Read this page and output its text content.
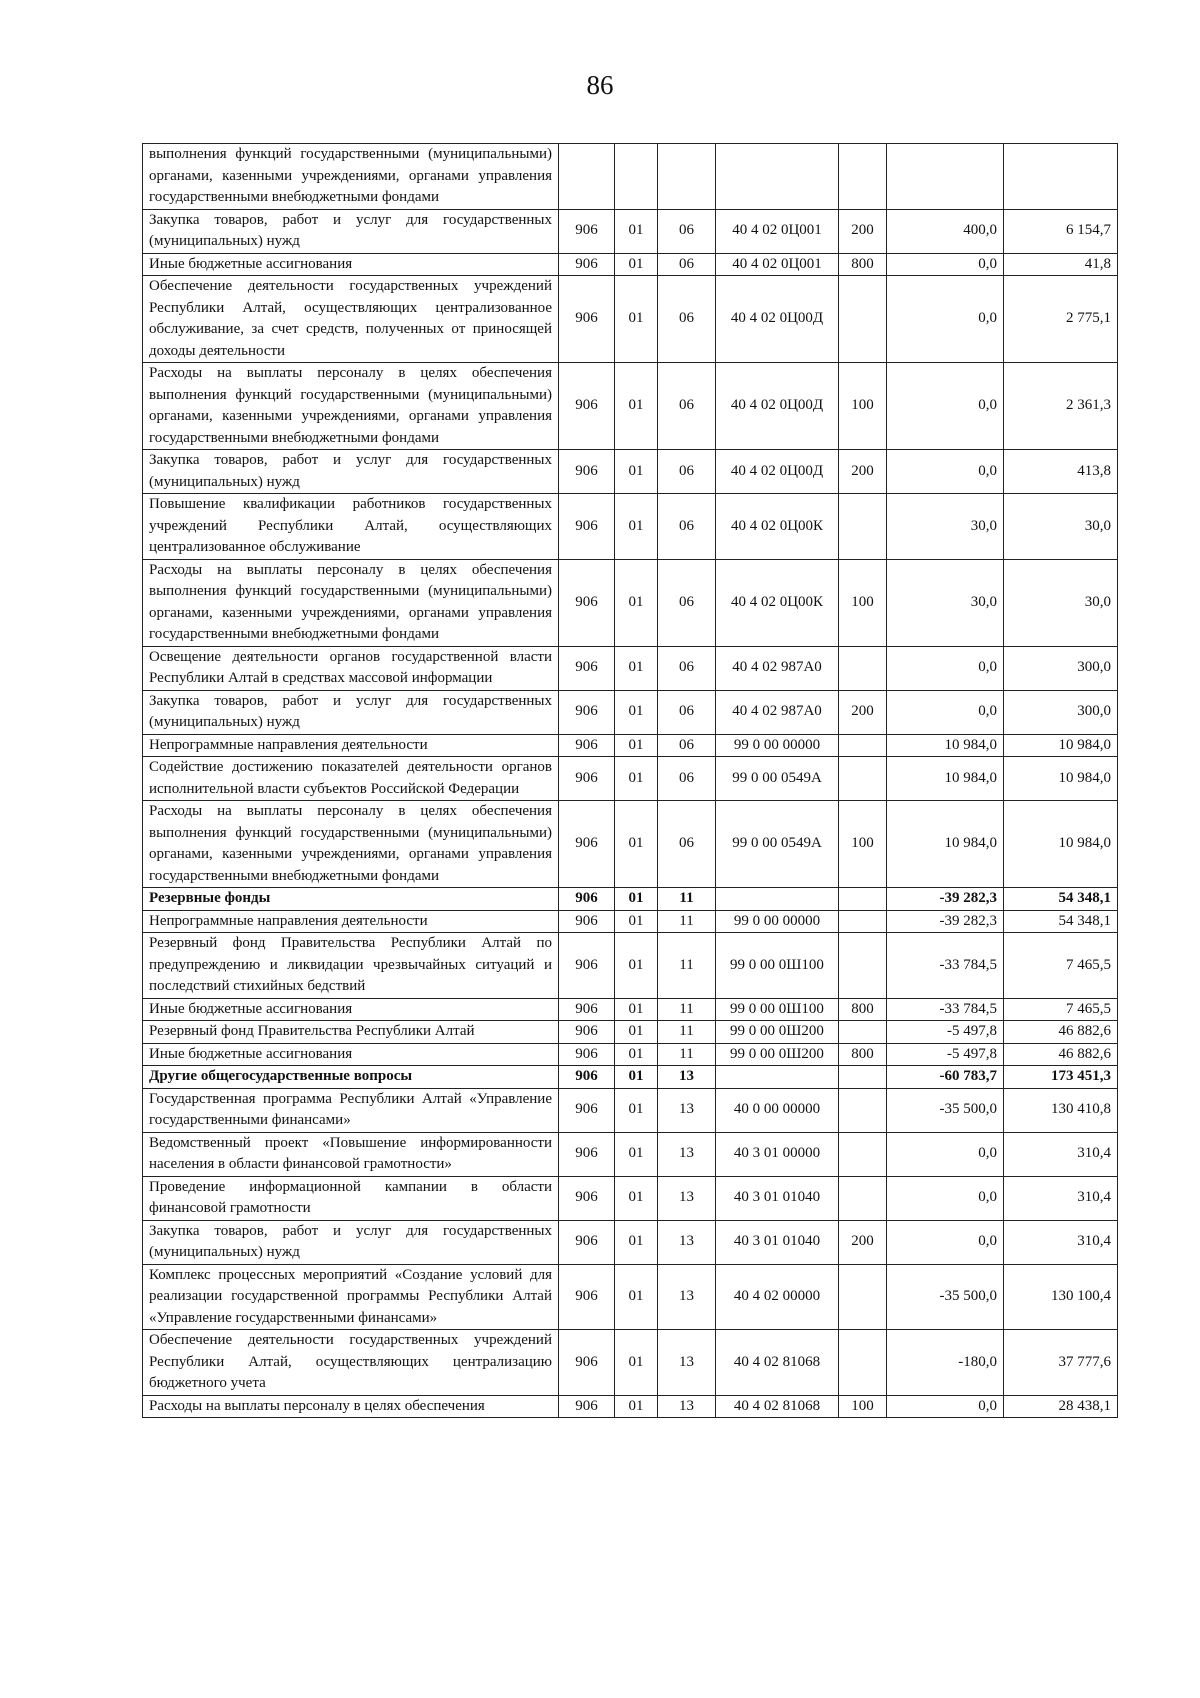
86
выполнения функций государственными (муниципальными) органами, казенными учреждениями, органами управления государственными внебюджетными фондами							
Закупка товаров, работ и услуг для государственных (муниципальных) нужд	906	01	06	40 4 02 0Ц001	200	400,0	6 154,7
Иные бюджетные ассигнования	906	01	06	40 4 02 0Ц001	800	0,0	41,8
Обеспечение деятельности государственных учреждений Республики Алтай, осуществляющих централизованное обслуживание, за счет средств, полученных от приносящей доходы деятельности	906	01	06	40 4 02 0Ц00Д		0,0	2 775,1
Расходы на выплаты персоналу в целях обеспечения выполнения функций государственными (муниципальными) органами, казенными учреждениями, органами управления государственными внебюджетными фондами	906	01	06	40 4 02 0Ц00Д	100	0,0	2 361,3
Закупка товаров, работ и услуг для государственных (муниципальных) нужд	906	01	06	40 4 02 0Ц00Д	200	0,0	413,8
Повышение квалификации работников государственных учреждений Республики Алтай, осуществляющих централизованное обслуживание	906	01	06	40 4 02 0Ц00К		30,0	30,0
Расходы на выплаты персоналу в целях обеспечения выполнения функций государственными (муниципальными) органами, казенными учреждениями, органами управления государственными внебюджетными фондами	906	01	06	40 4 02 0Ц00К	100	30,0	30,0
Освещение деятельности органов государственной власти Республики Алтай в средствах массовой информации	906	01	06	40 4 02 987А0		0,0	300,0
Закупка товаров, работ и услуг для государственных (муниципальных) нужд	906	01	06	40 4 02 987А0	200	0,0	300,0
Непрограммные направления деятельности	906	01	06	99 0 00 00000		10 984,0	10 984,0
Содействие достижению показателей деятельности органов исполнительной власти субъектов Российской Федерации	906	01	06	99 0 00 0549А		10 984,0	10 984,0
Расходы на выплаты персоналу в целях обеспечения выполнения функций государственными (муниципальными) органами, казенными учреждениями, органами управления государственными внебюджетными фондами	906	01	06	99 0 00 0549А	100	10 984,0	10 984,0
Резервные фонды	906	01	11			-39 282,3	54 348,1
Непрограммные направления деятельности	906	01	11	99 0 00 00000		-39 282,3	54 348,1
Резервный фонд Правительства Республики Алтай по предупреждению и ликвидации чрезвычайных ситуаций и последствий стихийных бедствий	906	01	11	99 0 00 0Ш100		-33 784,5	7 465,5
Иные бюджетные ассигнования	906	01	11	99 0 00 0Ш100	800	-33 784,5	7 465,5
Резервный фонд Правительства Республики Алтай	906	01	11	99 0 00 0Ш200		-5 497,8	46 882,6
Иные бюджетные ассигнования	906	01	11	99 0 00 0Ш200	800	-5 497,8	46 882,6
Другие общегосударственные вопросы	906	01	13			-60 783,7	173 451,3
Государственная программа Республики Алтай «Управление государственными финансами»	906	01	13	40 0 00 00000		-35 500,0	130 410,8
Ведомственный проект «Повышение информированности населения в области финансовой грамотности»	906	01	13	40 3 01 00000		0,0	310,4
Проведение информационной кампании в области финансовой грамотности	906	01	13	40 3 01 01040		0,0	310,4
Закупка товаров, работ и услуг для государственных (муниципальных) нужд	906	01	13	40 3 01 01040	200	0,0	310,4
Комплекс процессных мероприятий «Создание условий для реализации государственной программы Республики Алтай «Управление государственными финансами»	906	01	13	40 4 02 00000		-35 500,0	130 100,4
Обеспечение деятельности государственных учреждений Республики Алтай, осуществляющих централизацию бюджетного учета	906	01	13	40 4 02 81068		-180,0	37 777,6
Расходы на выплаты персоналу в целях обеспечения	906	01	13	40 4 02 81068	100	0,0	28 438,1
